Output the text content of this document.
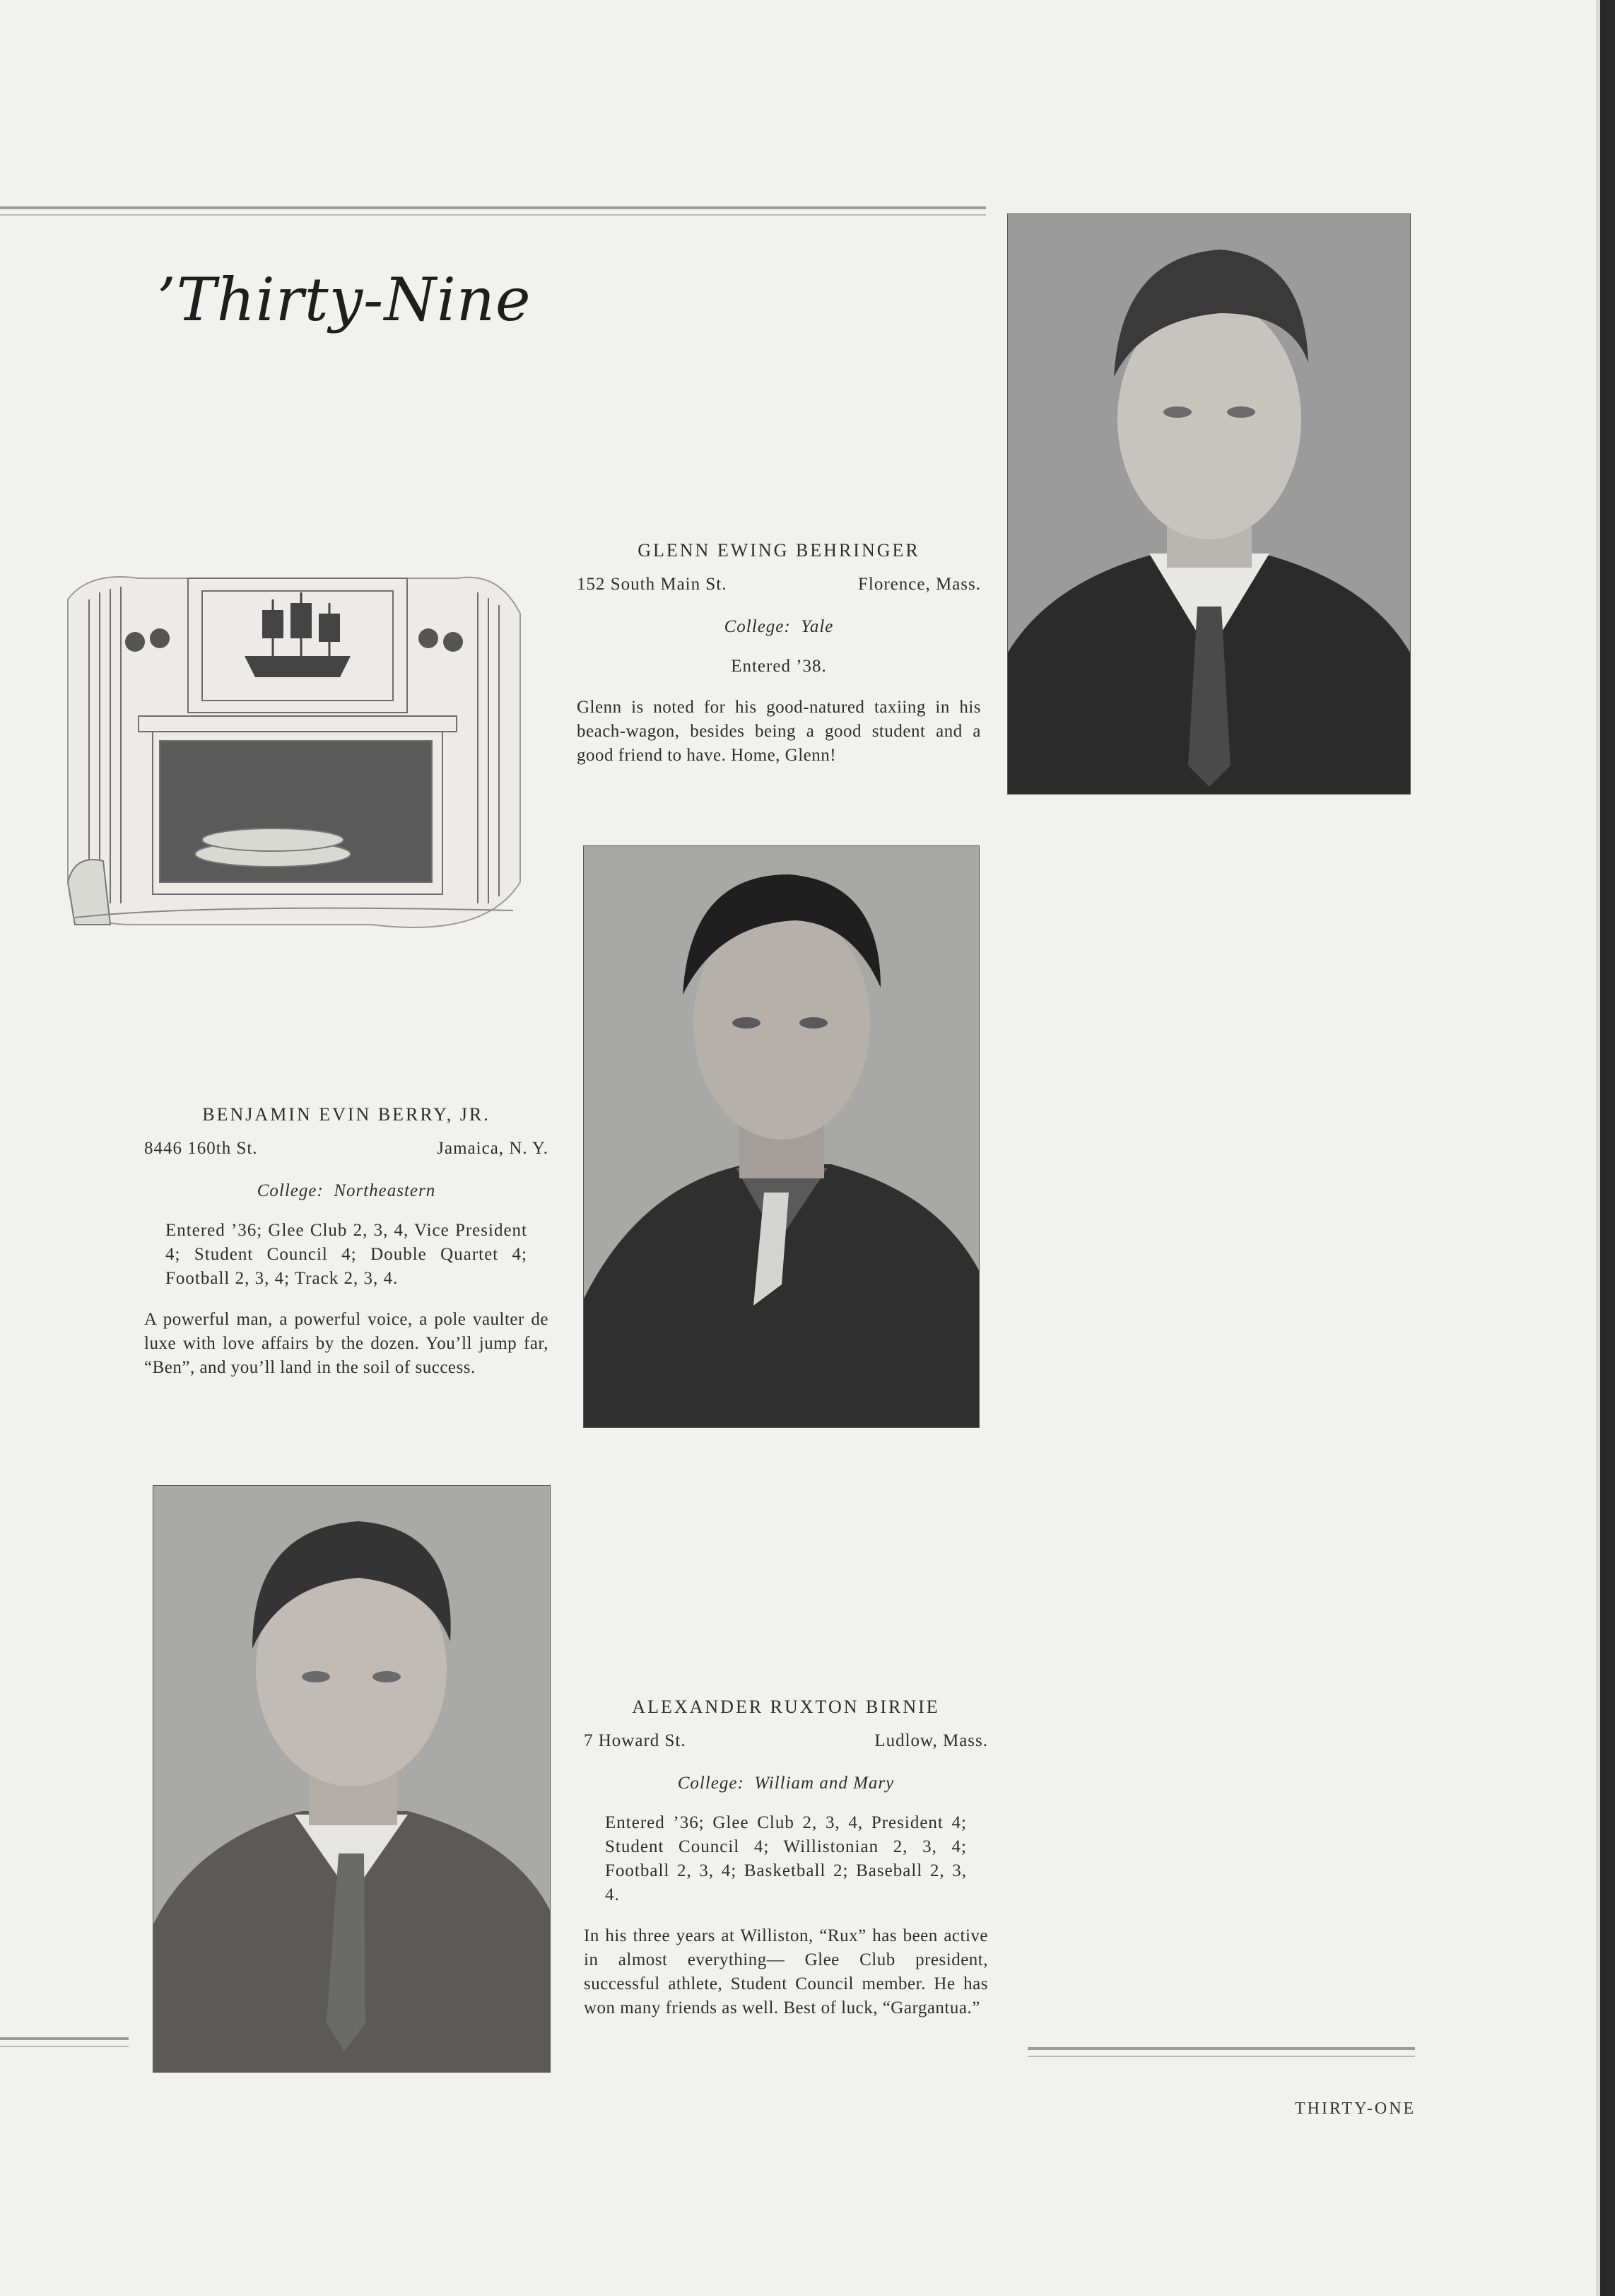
’Thirty-Nine
GLENN EWING BEHRINGER
152 South Main St.	Florence, Mass.
College: Yale
Entered ’38.
Glenn is noted for his good-natured taxiing in his beach-wagon, besides being a good student and a good friend to have. Home, Glenn!
BENJAMIN EVIN BERRY, JR.
8446 160th St.	Jamaica, N. Y.
College: Northeastern
Entered ’36; Glee Club 2, 3, 4, Vice President 4; Student Council 4; Double Quartet 4; Football 2, 3, 4; Track 2, 3, 4.
A powerful man, a powerful voice, a pole vaulter de luxe with love affairs by the dozen. You’ll jump far, “Ben”, and you’ll land in the soil of success.
ALEXANDER RUXTON BIRNIE
7 Howard St.	Ludlow, Mass.
College: William and Mary
Entered ’36; Glee Club 2, 3, 4, President 4; Student Council 4; Willistonian 2, 3, 4; Football 2, 3, 4; Basketball 2; Baseball 2, 3, 4.
In his three years at Williston, “Rux” has been active in almost everything— Glee Club president, successful athlete, Student Council member. He has won many friends as well. Best of luck, “Gargantua.”
THIRTY-ONE
